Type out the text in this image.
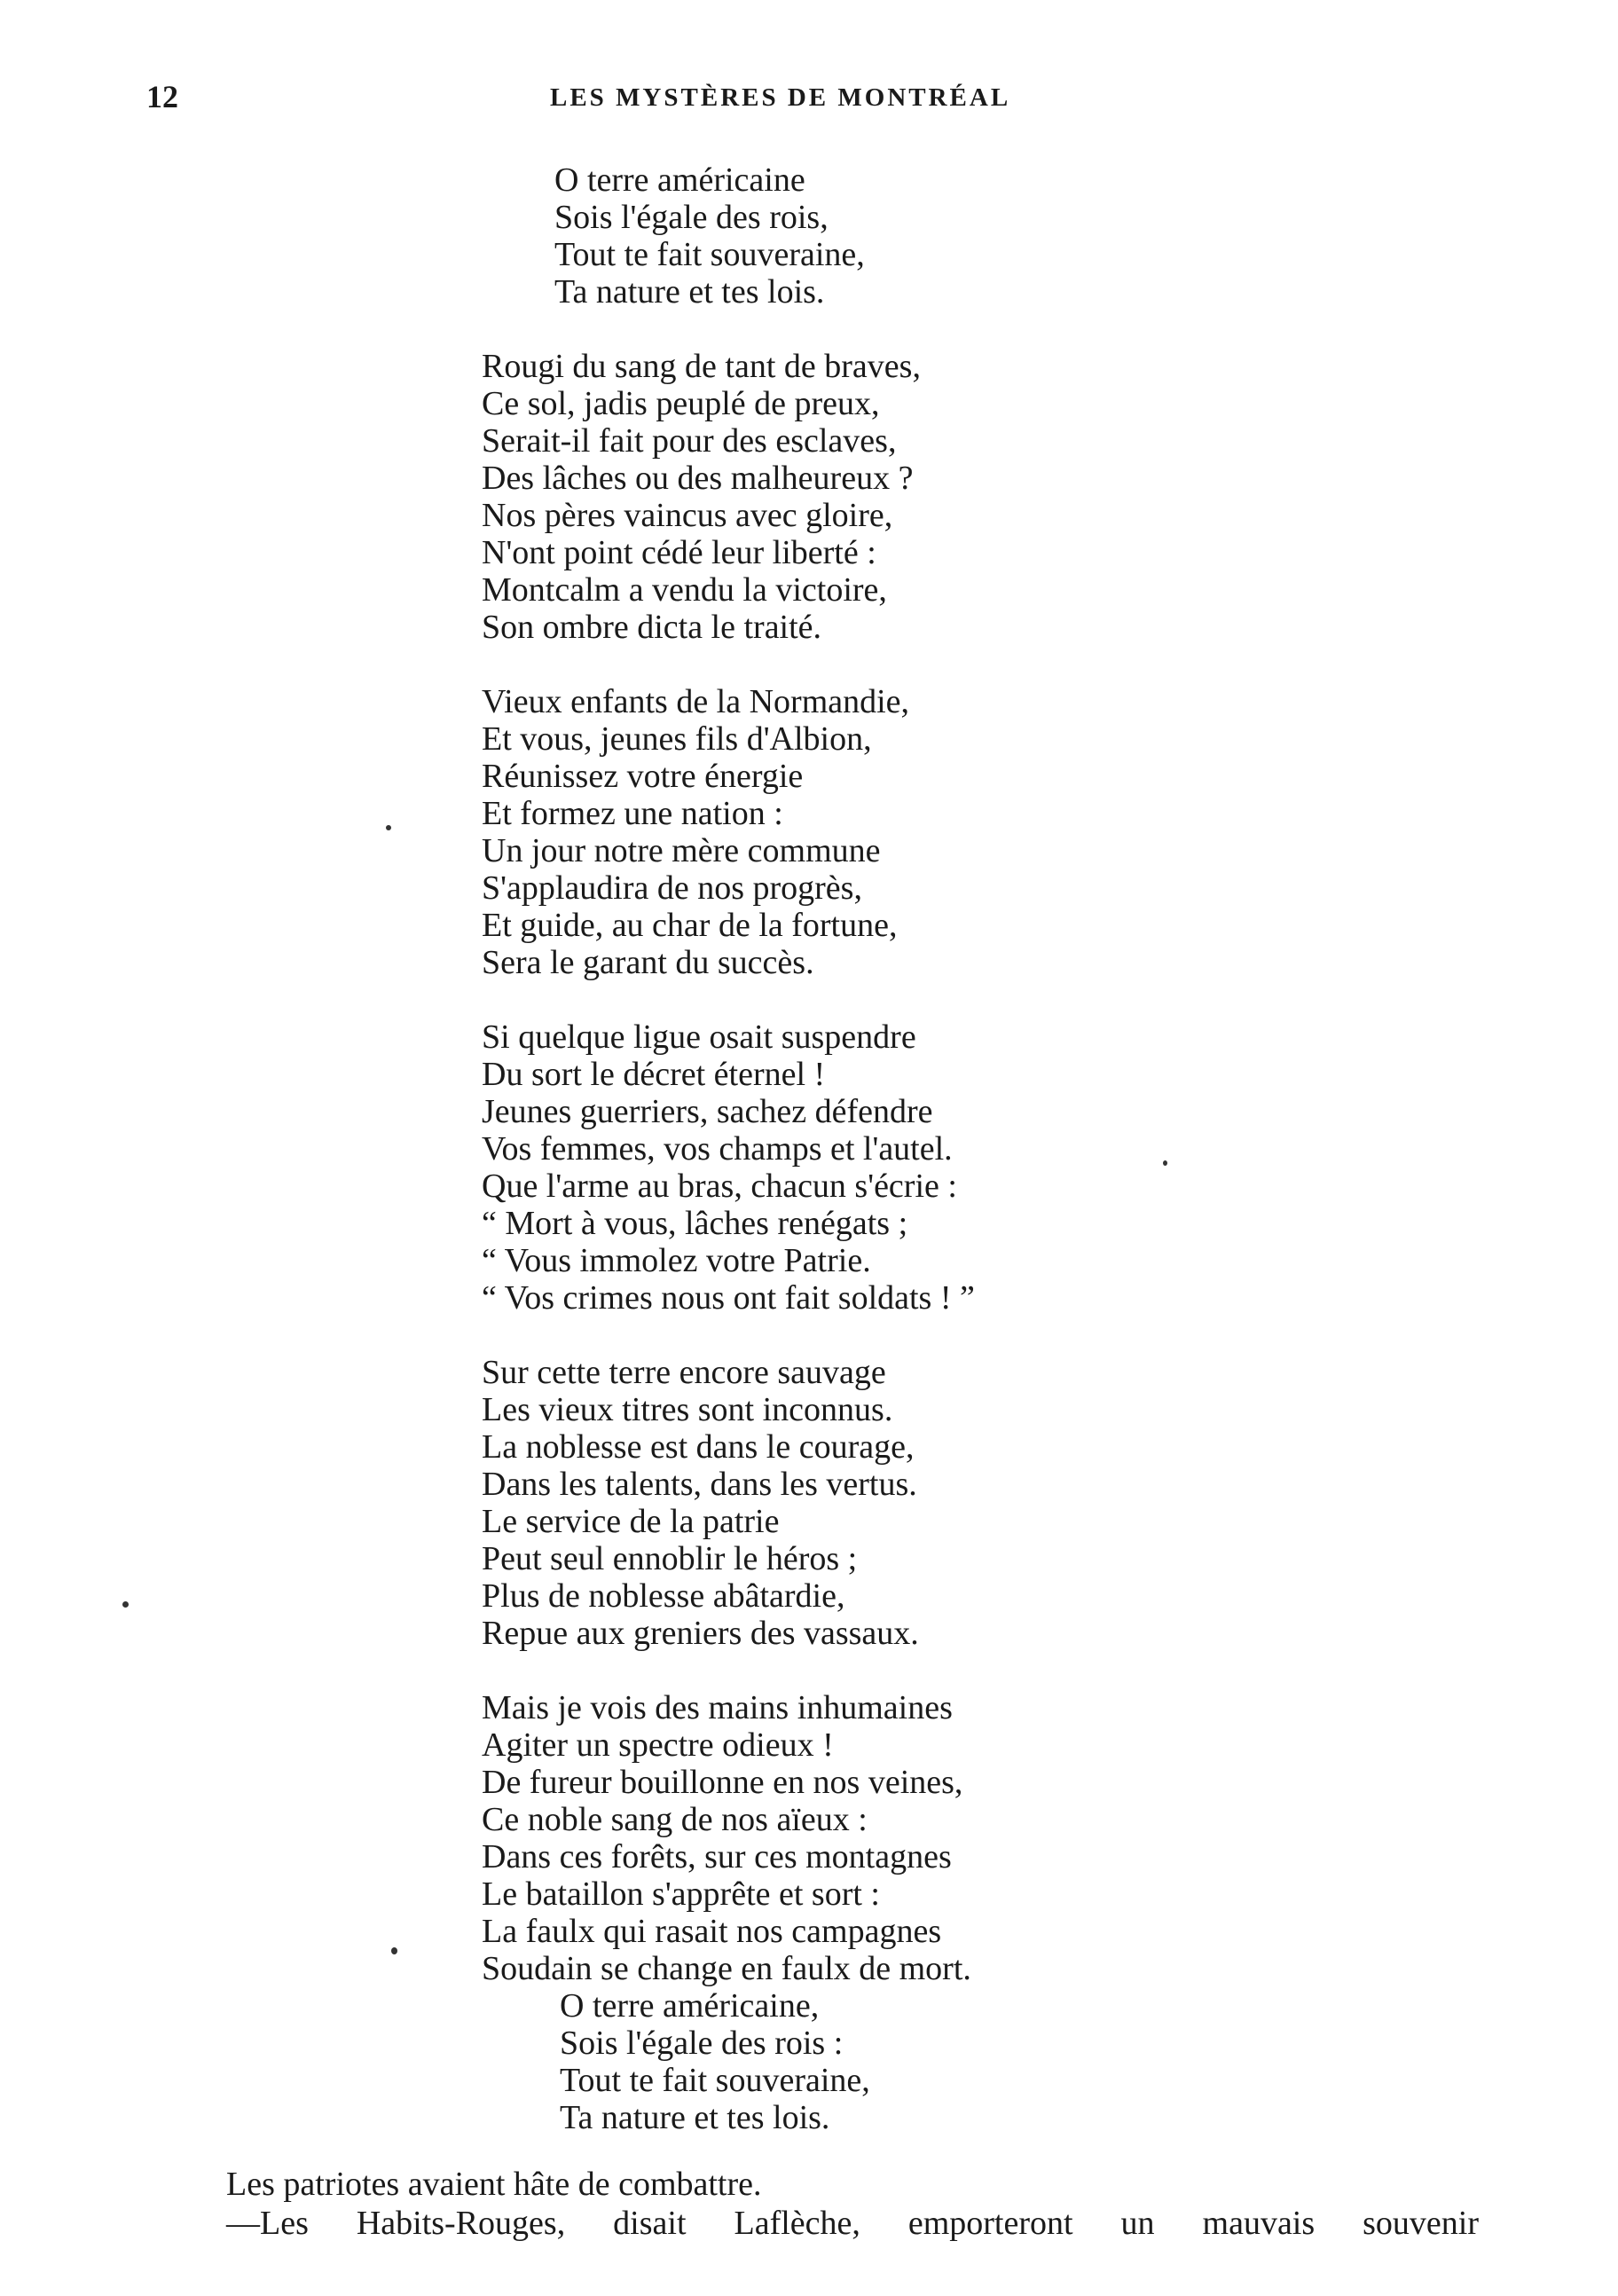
12	LES MYSTÈRES DE MONTRÉAL
O terre américaine
Sois l'égale des rois,
Tout te fait souveraine,
Ta nature et tes lois.
Rougi du sang de tant de braves,
Ce sol, jadis peuplé de preux,
Serait-il fait pour des esclaves,
Des lâches ou des malheureux ?
Nos pères vaincus avec gloire,
N'ont point cédé leur liberté :
Montcalm a vendu la victoire,
Son ombre dicta le traité.
Vieux enfants de la Normandie,
Et vous, jeunes fils d'Albion,
Réunissez votre énergie
Et formez une nation :
Un jour notre mère commune
S'applaudira de nos progrès,
Et guide, au char de la fortune,
Sera le garant du succès.
Si quelque ligue osait suspendre
Du sort le décret éternel !
Jeunes guerriers, sachez défendre
Vos femmes, vos champs et l'autel.
Que l'arme au bras, chacun s'écrie :
“ Mort à vous, lâches renégats ;
“ Vous immolez votre Patrie.
“ Vos crimes nous ont fait soldats ! ”
Sur cette terre encore sauvage
Les vieux titres sont inconnus.
La noblesse est dans le courage,
Dans les talents, dans les vertus.
Le service de la patrie
Peut seul ennoblir le héros ;
Plus de noblesse abâtardie,
Repue aux greniers des vassaux.
Mais je vois des mains inhumaines
Agiter un spectre odieux !
De fureur bouillonne en nos veines,
Ce noble sang de nos aïeux :
Dans ces forêts, sur ces montagnes
Le bataillon s'apprête et sort :
La faulx qui rasait nos campagnes
Soudain se change en faulx de mort.
O terre américaine,
Sois l'égale des rois :
Tout te fait souveraine,
Ta nature et tes lois.
Les patriotes avaient hâte de combattre.
—Les Habits-Rouges, disait Laflèche, emporteront un mauvais souvenir
